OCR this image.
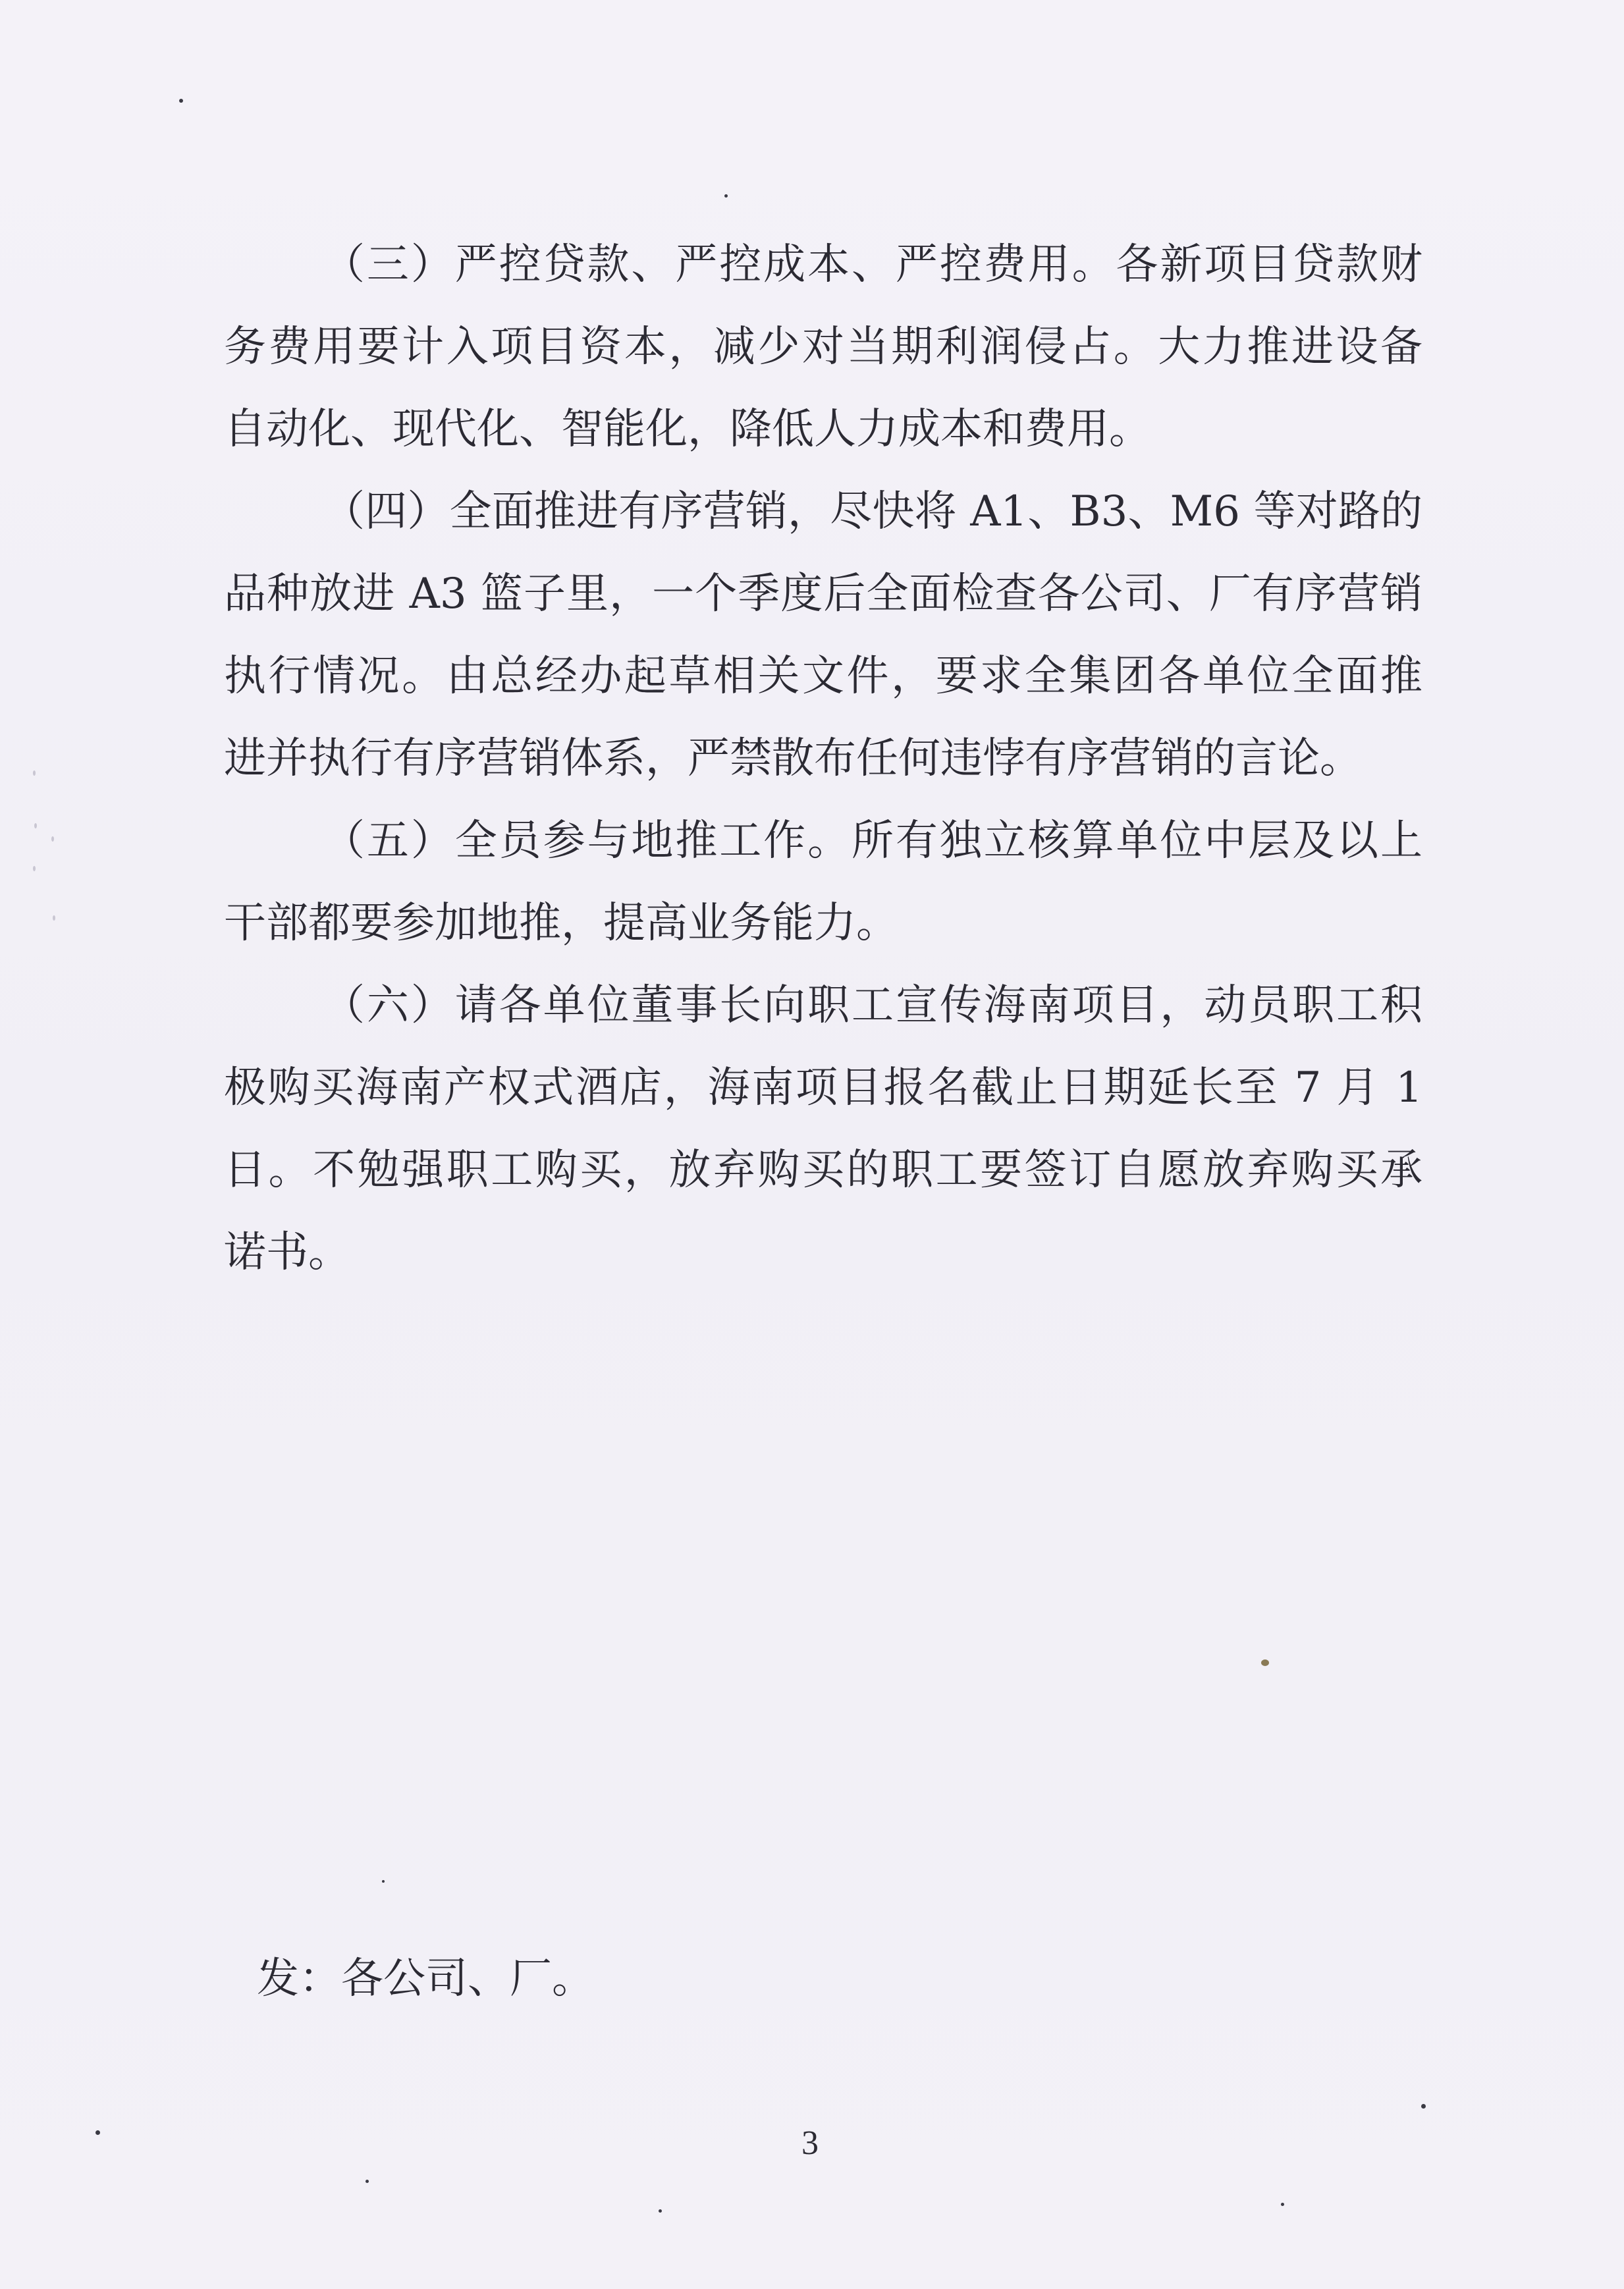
（三）严控贷款、严控成本、严控费用。各新项目贷款财
务费用要计入项目资本，减少对当期利润侵占。大力推进设备
自动化、现代化、智能化，降低人力成本和费用。
（四）全面推进有序营销，尽快将 A1、B3、M6 等对路的
品种放进 A3 篮子里，一个季度后全面检查各公司、厂有序营销
执行情况。由总经办起草相关文件，要求全集团各单位全面推
进并执行有序营销体系，严禁散布任何违悖有序营销的言论。
（五）全员参与地推工作。所有独立核算单位中层及以上
干部都要参加地推，提高业务能力。
（六）请各单位董事长向职工宣传海南项目，动员职工积
极购买海南产权式酒店，海南项目报名截止日期延长至 7 月 1
日。不勉强职工购买，放弃购买的职工要签订自愿放弃购买承
诺书。
发：各公司、厂。
3
